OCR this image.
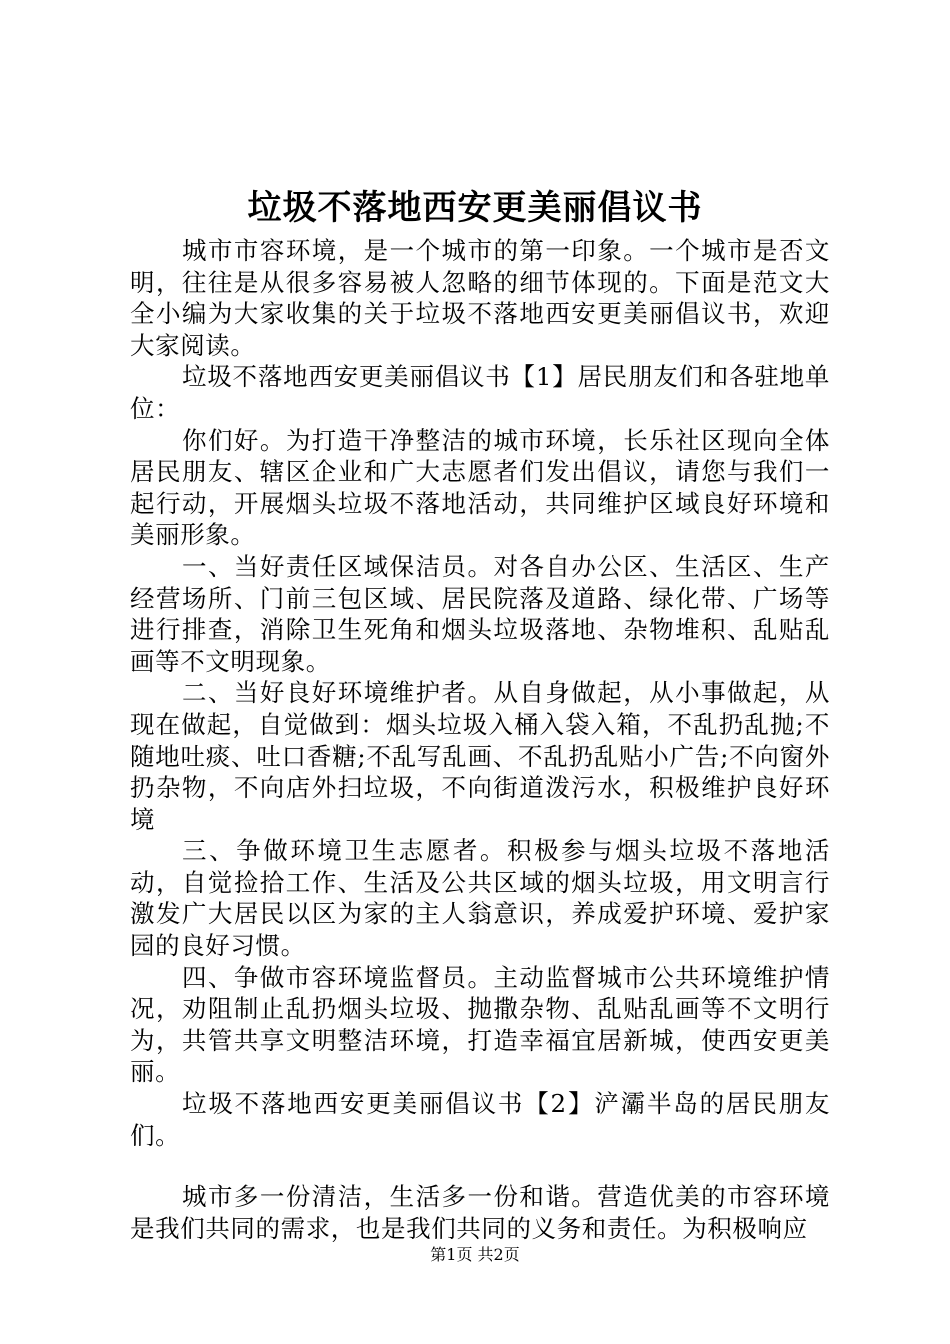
垃圾不落地西安更美丽倡议书

城市市容环境，是一个城市的第一印象。一个城市是否文明，往往是从很多容易被人忽略的细节体现的。下面是范文大全小编为大家收集的关于垃圾不落地西安更美丽倡议书，欢迎大家阅读。

垃圾不落地西安更美丽倡议书【1】居民朋友们和各驻地单位：

你们好。为打造干净整洁的城市环境，长乐社区现向全体居民朋友、辖区企业和广大志愿者们发出倡议，请您与我们一起行动，开展烟头垃圾不落地活动，共同维护区域良好环境和美丽形象。

一、当好责任区域保洁员。对各自办公区、生活区、生产经营场所、门前三包区域、居民院落及道路、绿化带、广场等进行排查，消除卫生死角和烟头垃圾落地、杂物堆积、乱贴乱画等不文明现象。

二、当好良好环境维护者。从自身做起，从小事做起，从现在做起，自觉做到：烟头垃圾入桶入袋入箱，不乱扔乱抛;不随地吐痰、吐口香糖;不乱写乱画、不乱扔乱贴小广告;不向窗外扔杂物，不向店外扫垃圾，不向街道泼污水，积极维护良好环境

三、争做环境卫生志愿者。积极参与烟头垃圾不落地活动，自觉捡拾工作、生活及公共区域的烟头垃圾，用文明言行激发广大居民以区为家的主人翁意识，养成爱护环境、爱护家园的良好习惯。

四、争做市容环境监督员。主动监督城市公共环境维护情况，劝阻制止乱扔烟头垃圾、抛撒杂物、乱贴乱画等不文明行为，共管共享文明整洁环境，打造幸福宜居新城，使西安更美丽。

垃圾不落地西安更美丽倡议书【2】浐灞半岛的居民朋友们。

城市多一份清洁，生活多一份和谐。营造优美的市容环境是我们共同的需求，也是我们共同的义务和责任。为积极响应

第1页 共2页
